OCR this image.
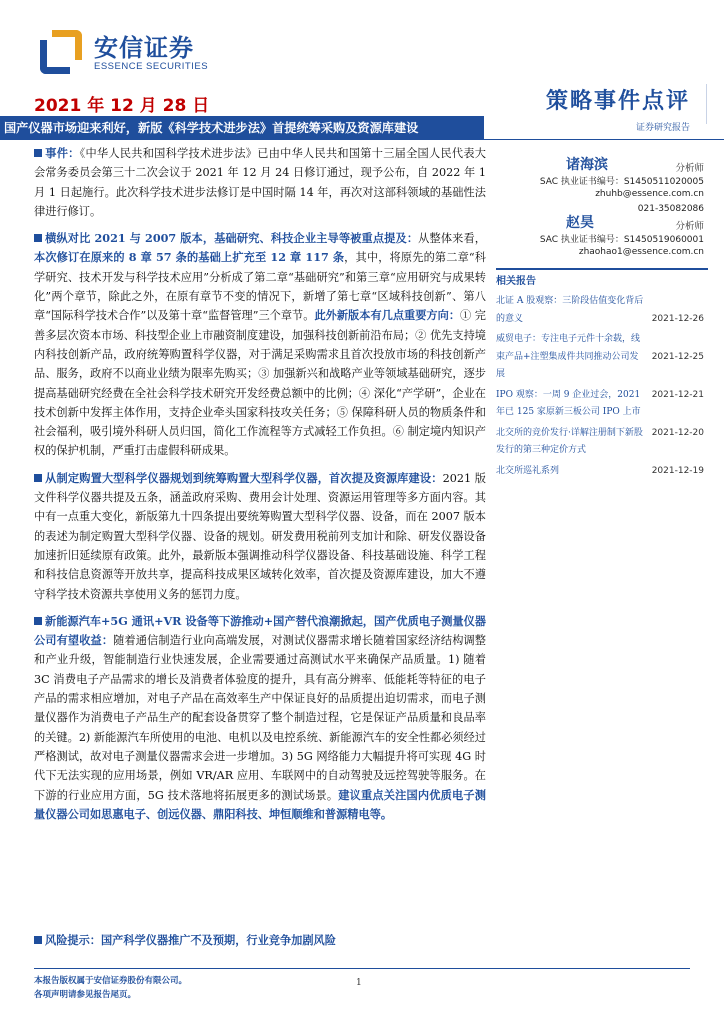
安信证券
ESSENCE SECURITIES
2021 年 12 月 28 日	策略事件点评
国产仪器市场迎来利好，新版《科学技术进步法》首提统筹采购及资源库建设	证券研究报告

事件：《中华人民共和国科学技术进步法》已由中华人民共和国第十三届全国人民代表大会常务委员会第三十二次会议于 2021 年 12 月 24 日修订通过，现予公布，自 2022 年 1 月 1 日起施行。此次科学技术进步法修订是中国时隔 14 年，再次对这部科领域的基础性法律进行修订。

横纵对比 2021 与 2007 版本，基础研究、科技企业主导等被重点提及：从整体来看，本次修订在原来的 8 章 57 条的基础上扩充至 12 章 117 条，其中，将原先的第二章“科学研究、技术开发与科学技术应用”分析成了第二章“基础研究”和第三章“应用研究与成果转化”两个章节，除此之外，在原有章节不变的情况下，新增了第七章“区域科技创新”、第八章“国际科学技术合作”以及第十章“监督管理”三个章节。此外新版本有几点重要方向：① 完善多层次资本市场、科技型企业上市融资制度建设，加强科技创新前沿布局；② 优先支持境内科技创新产品，政府统筹购置科学仪器，对于满足采购需求且首次投放市场的科技创新产品、服务，政府不以商业业绩为限率先购买；③ 加强新兴和战略产业等领域基础研究，逐步提高基础研究经费在全社会科学技术研究开发经费总额中的比例；④ 深化“产学研”，企业在技术创新中发挥主体作用，支持企业牵头国家科技攻关任务；⑤ 保障科研人员的物质条件和社会福利，吸引境外科研人员归国，简化工作流程等方式减轻工作负担。⑥ 制定境内知识产权的保护机制，严重打击虚假科研成果。

从制定购置大型科学仪器规划到统筹购置大型科学仪器，首次提及资源库建设：2021 版文件科学仪器共提及五条，涵盖政府采购、费用会计处理、资源运用管理等多方面内容。其中有一点重大变化，新版第九十四条提出要统筹购置大型科学仪器、设备，而在 2007 版本的表述为制定购置大型科学仪器、设备的规划。研发费用税前列支加计和除、研发仪器设备加速折旧延续原有政策。此外，最新版本强调推动科学仪器设备、科技基础设施、科学工程和科技信息资源等开放共享，提高科技成果区域转化效率，首次提及资源库建设，加大不遵守科学技术资源共享使用义务的惩罚力度。

新能源汽车+5G 通讯+VR 设备等下游推动+国产替代浪潮掀起，国产优质电子测量仪器公司有望收益：随着通信制造行业向高端发展，对测试仪器需求增长随着国家经济结构调整和产业升级，智能制造行业快速发展，企业需要通过高测试水平来确保产品质量。1) 随着 3C 消费电子产品需求的增长及消费者体验度的提升，具有高分辨率、低能耗等特征的电子产品的需求相应增加，对电子产品在高效率生产中保证良好的品质提出迫切需求，而电子测量仪器作为消费电子产品生产的配套设备贯穿了整个制造过程，它是保证产品质量和良品率的关键。2) 新能源汽车所使用的电池、电机以及电控系统、新能源汽车的安全性都必须经过严格测试，故对电子测量仪器需求会进一步增加。3) 5G 网络能力大幅提升将可实现 4G 时代下无法实现的应用场景，例如 VR/AR 应用、车联网中的自动驾驶及远控驾驶等服务。在下游的行业应用方面，5G 技术落地将拓展更多的测试场景。建议重点关注国内优质电子测量仪器公司如思惠电子、创远仪器、鼎阳科技、坤恒顺维和普源精电等。

诸海滨	分析师
SAC 执业证书编号：S1450511020005
zhuhb@essence.com.cn
021-35082086
赵昊	分析师
SAC 执业证书编号：S1450519060001
zhaohao1@essence.com.cn
相关报告
北证 A 股观察：三阶段估值变化背后的意义	2021-12-26
威贸电子：专注电子元件十余载，线束产品+注塑集成件共同推动公司发展
2021-12-25
IPO 观察：一周 9 企业过会，2021 年已 125 家原新三板公司 IPO 上市
2021-12-21
北交所的竞价发行·详解注册制下新股发行的第三种定价方式
2021-12-20
北交所巡礼系列	2021-12-19
风险提示：国产科学仪器推广不及预期，行业竞争加剧风险
本报告版权属于安信证券股份有限公司。
各项声明请参见报告尾页。
1
